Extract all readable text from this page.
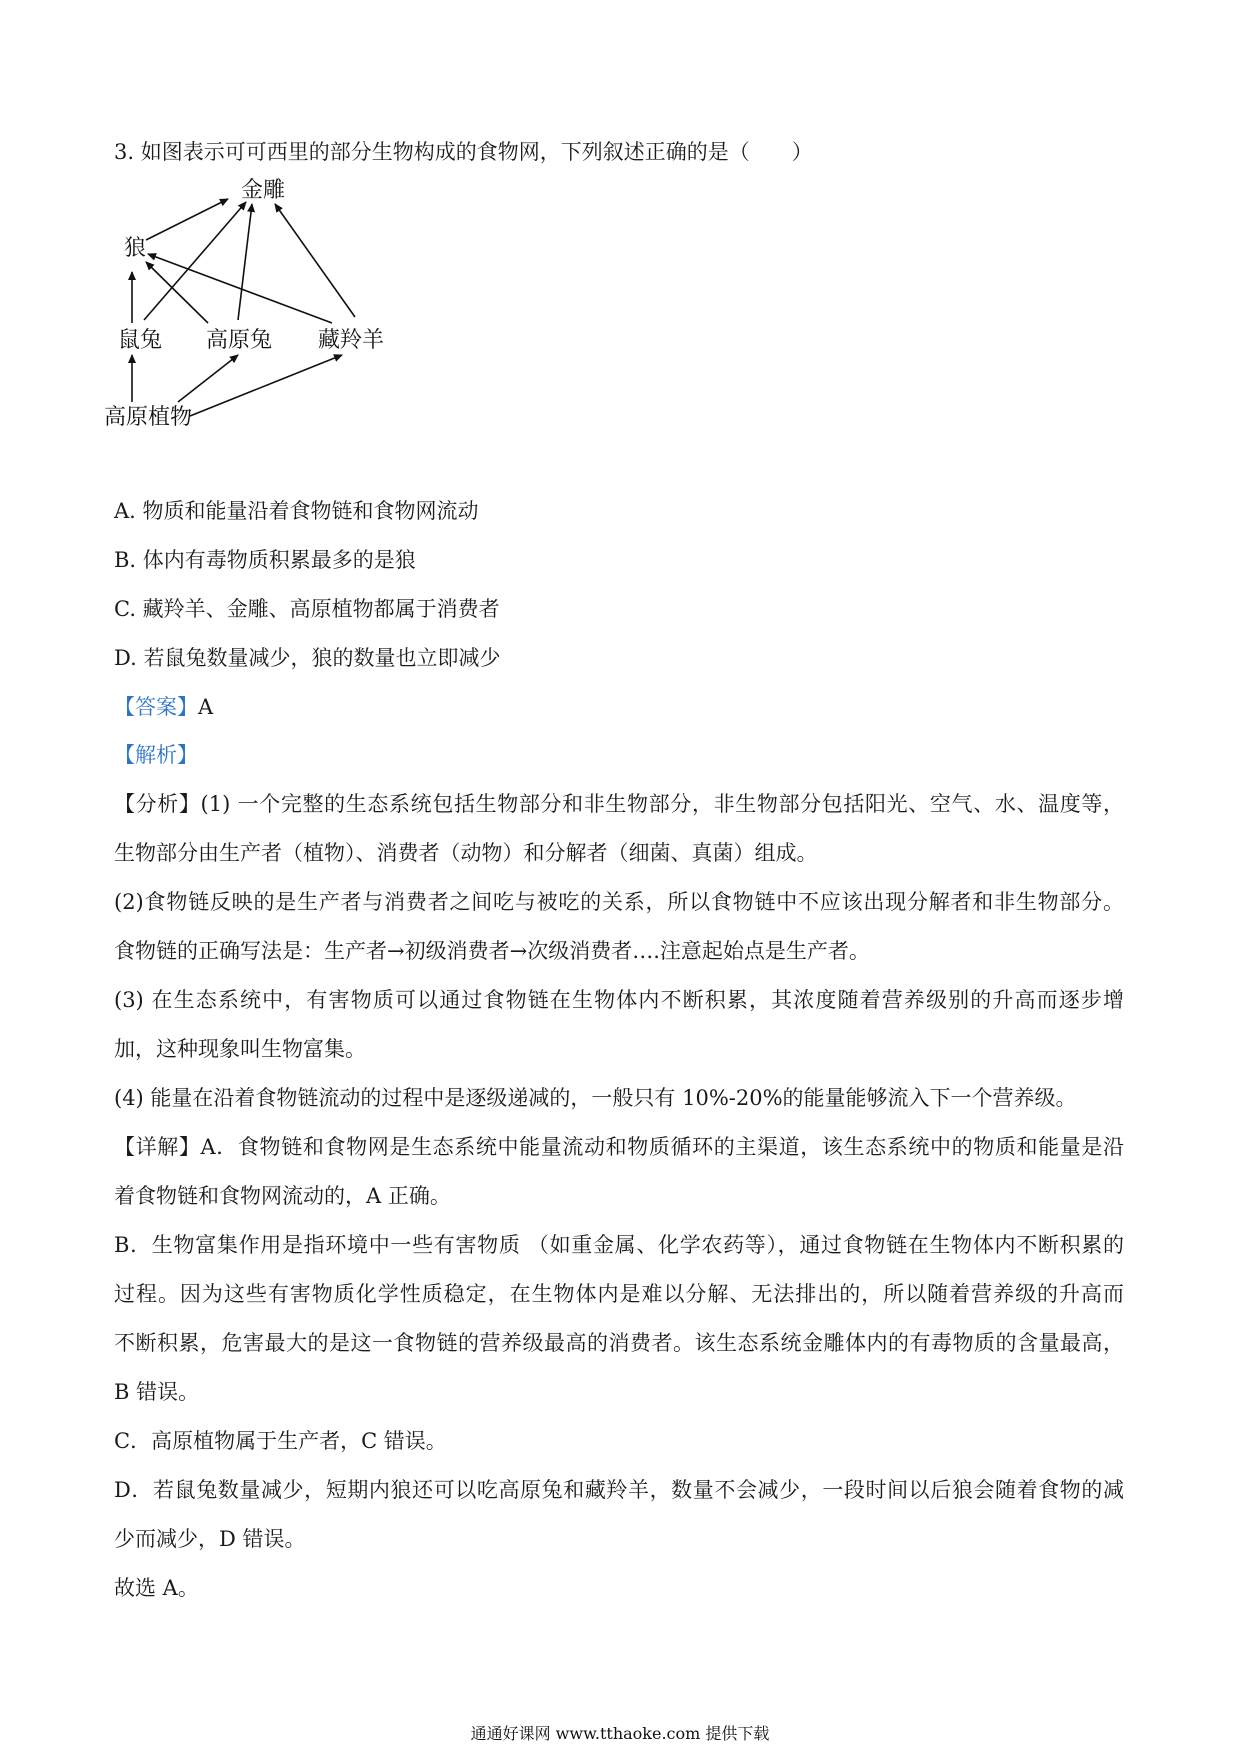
3. 如图表示可可西里的部分生物构成的食物网，下列叙述正确的是（　　）
金雕
狼
鼠兔 高原兔 藏羚羊
高原植物
A. 物质和能量沿着食物链和食物网流动
B. 体内有毒物质积累最多的是狼
C. 藏羚羊、金雕、高原植物都属于消费者
D. 若鼠兔数量减少，狼的数量也立即减少
【答案】A
【解析】
【分析】(1) 一个完整的生态系统包括生物部分和非生物部分，非生物部分包括阳光、空气、水、温度等，
生物部分由生产者（植物）、消费者（动物）和分解者（细菌、真菌）组成。
(2)食物链反映的是生产者与消费者之间吃与被吃的关系，所以食物链中不应该出现分解者和非生物部分。
食物链的正确写法是：生产者→初级消费者→次级消费者….注意起始点是生产者。
(3) 在生态系统中，有害物质可以通过食物链在生物体内不断积累，其浓度随着营养级别的升高而逐步增
加，这种现象叫生物富集。
(4) 能量在沿着食物链流动的过程中是逐级递减的，一般只有 10%-20%的能量能够流入下一个营养级。
【详解】A．食物链和食物网是生态系统中能量流动和物质循环的主渠道，该生态系统中的物质和能量是沿
着食物链和食物网流动的，A 正确。
B．生物富集作用是指环境中一些有害物质 （如重金属、化学农药等），通过食物链在生物体内不断积累的
过程。因为这些有害物质化学性质稳定，在生物体内是难以分解、无法排出的，所以随着营养级的升高而
不断积累，危害最大的是这一食物链的营养级最高的消费者。该生态系统金雕体内的有毒物质的含量最高，
B 错误。
C．高原植物属于生产者，C 错误。
D．若鼠兔数量减少，短期内狼还可以吃高原兔和藏羚羊，数量不会减少，一段时间以后狼会随着食物的减
少而减少，D 错误。
故选 A。
通通好课网 www.tthaoke.com 提供下载
